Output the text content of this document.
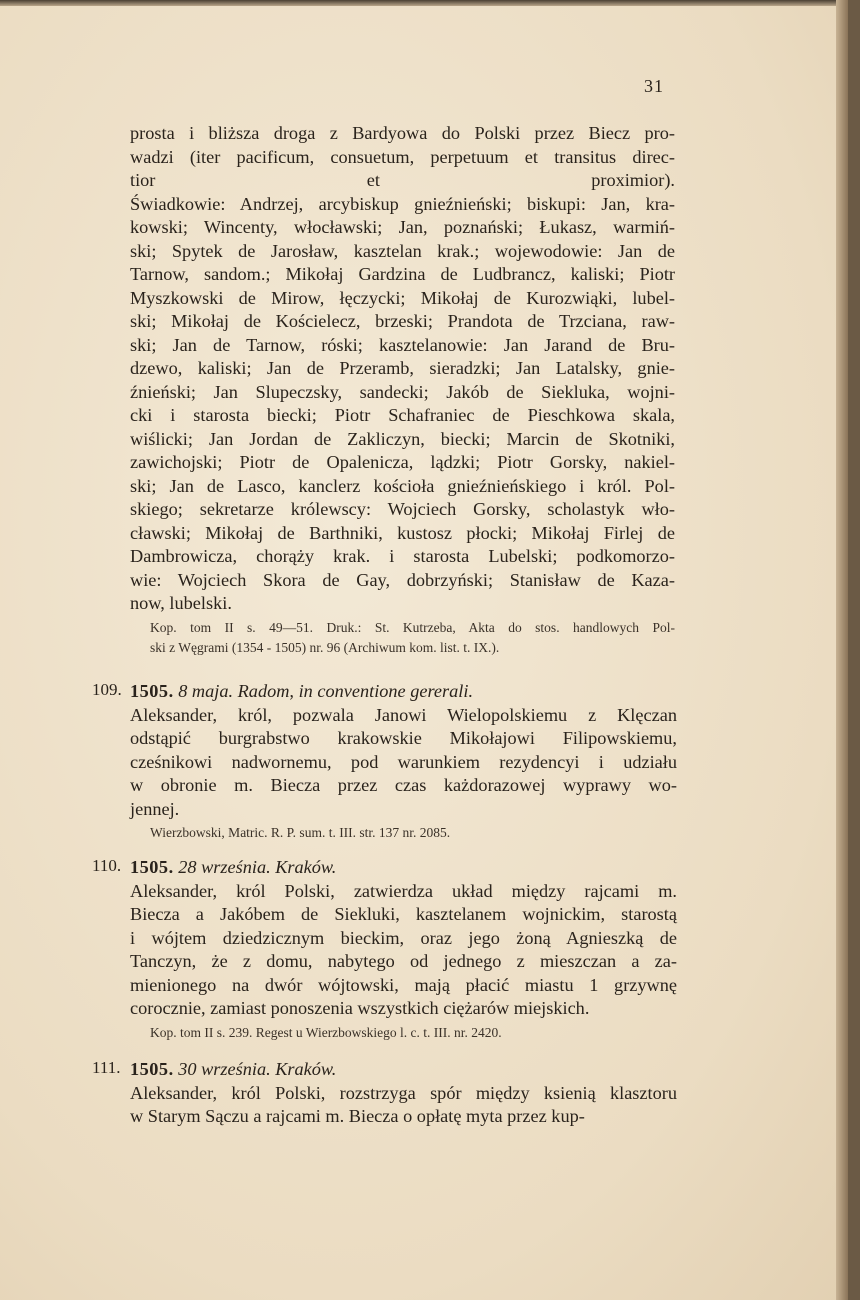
31

prosta i bliższa droga z Bardyowa do Polski przez Biecz pro-
wadzi (iter pacificum, consuetum, perpetuum et transitus direc-
tior et proximior).
Świadkowie: Andrzej, arcybiskup gnieźnieński; biskupi: Jan, kra-
kowski; Wincenty, włocławski; Jan, poznański; Łukasz, warmiń-
ski; Spytek de Jarosław, kasztelan krak.; wojewodowie: Jan de
Tarnow, sandom.; Mikołaj Gardzina de Ludbrancz, kaliski; Piotr
Myszkowski de Mirow, łęczycki; Mikołaj de Kurozwiąki, lubel-
ski; Mikołaj de Kościelecz, brzeski; Prandota de Trzciana, raw-
ski; Jan de Tarnow, róski; kasztelanowie: Jan Jarand de Bru-
dzewo, kaliski; Jan de Przeramb, sieradzki; Jan Latalsky, gnie-
źnieński; Jan Slupeczsky, sandecki; Jakób de Siekluka, wojni-
cki i starosta biecki; Piotr Schafraniec de Pieschkowa skala,
wiślicki; Jan Jordan de Zakliczyn, biecki; Marcin de Skotniki,
zawichojski; Piotr de Opalenicza, lądzki; Piotr Gorsky, nakiel-
ski; Jan de Lasco, kanclerz kościoła gnieźnieńskiego i król. Pol-
skiego; sekretarze królewscy: Wojciech Gorsky, scholastyk wło-
cławski; Mikołaj de Barthniki, kustosz płocki; Mikołaj Firlej de
Dambrowicza, chorąży krak. i starosta Lubelski; podkomorzo-
wie: Wojciech Skora de Gay, dobrzyński; Stanisław de Kaza-
now, lubelski.

Kop. tom II s. 49—51. Druk.: St. Kutrzeba, Akta do stos. handlowych Pol-
ski z Węgrami (1354 - 1505) nr. 96 (Archiwum kom. list. t. IX.).
109. 1505. 8 maja. Radom, in conventione gererali.
Aleksander, król, pozwala Janowi Wielopolskiemu z Klęczan
odstąpić burgrabstwo krakowskie Mikołajowi Filipowskiemu,
cześnikowi nadwornemu, pod warunkiem rezydencyi i udziału
w obronie m. Biecza przez czas każdorazowej wyprawy wo-
jennej.
Wierzbowski, Matric. R. P. sum. t. III. str. 137 nr. 2085.
110. 1505. 28 września. Kraków.
Aleksander, król Polski, zatwierdza układ między rajcami m.
Biecza a Jakóbem de Siekluki, kasztelanem wojnickim, starostą
i wójtem dziedzicznym bieckim, oraz jego żoną Agnieszką de
Tanczyn, że z domu, nabytego od jednego z mieszczan a za-
mienionego na dwór wójtowski, mają płacić miastu 1 grzywnę
corocznie, zamiast ponoszenia wszystkich ciężarów miejskich.
Kop. tom II s. 239. Regest u Wierzbowskiego l. c. t. III. nr. 2420.
111. 1505. 30 września. Kraków.
Aleksander, król Polski, rozstrzyga spór między ksienią klasztoru
w Starym Sączu a rajcami m. Biecza o opłatę myta przez kup-
